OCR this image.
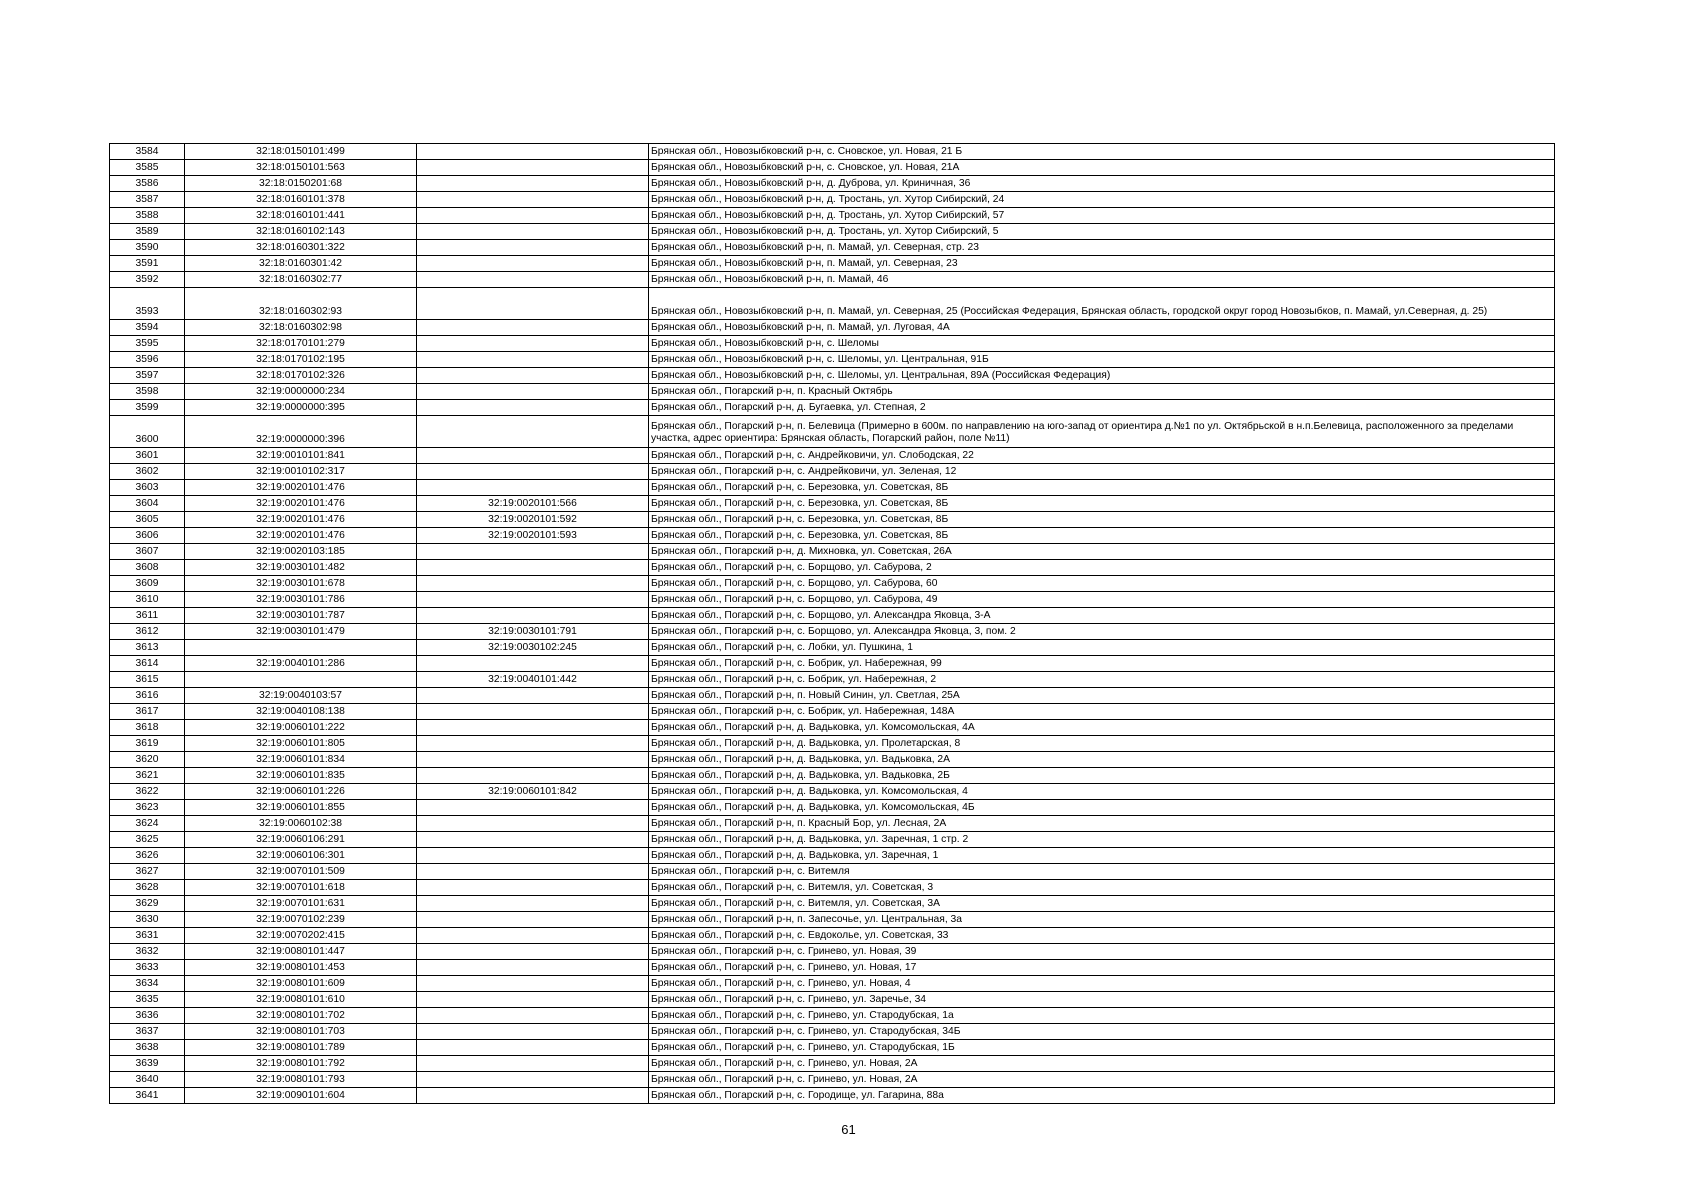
3584	32:18:0150101:499		Брянская обл., Новозыбковский р-н, с. Сновское, ул. Новая, 21 Б
3585	32:18:0150101:563		Брянская обл., Новозыбковский р-н, с. Сновское, ул. Новая, 21А
3586	32:18:0150201:68		Брянская обл., Новозыбковский р-н, д. Дуброва, ул. Криничная, 36
3587	32:18:0160101:378		Брянская обл., Новозыбковский р-н, д. Тростань, ул. Хутор Сибирский, 24
3588	32:18:0160101:441		Брянская обл., Новозыбковский р-н, д. Тростань, ул. Хутор Сибирский, 57
3589	32:18:0160102:143		Брянская обл., Новозыбковский р-н, д. Тростань, ул. Хутор Сибирский, 5
3590	32:18:0160301:322		Брянская обл., Новозыбковский р-н, п. Мамай, ул. Северная, стр. 23
3591	32:18:0160301:42		Брянская обл., Новозыбковский р-н, п. Мамай, ул. Северная, 23
3592	32:18:0160302:77		Брянская обл., Новозыбковский р-н, п. Мамай, 46
3593	32:18:0160302:93		Брянская обл., Новозыбковский р-н, п. Мамай, ул. Северная, 25 (Российская Федерация, Брянская область, городской округ город Новозыбков, п. Мамай, ул.Северная, д. 25)
3594	32:18:0160302:98		Брянская обл., Новозыбковский р-н, п. Мамай, ул. Луговая, 4А
3595	32:18:0170101:279		Брянская обл., Новозыбковский р-н, с. Шеломы
3596	32:18:0170102:195		Брянская обл., Новозыбковский р-н, с. Шеломы, ул. Центральная, 91Б
3597	32:18:0170102:326		Брянская обл., Новозыбковский р-н, с. Шеломы, ул. Центральная, 89А (Российская Федерация)
3598	32:19:0000000:234		Брянская обл., Погарский р-н, п. Красный Октябрь
3599	32:19:0000000:395		Брянская обл., Погарский р-н, д. Бугаевка, ул. Степная, 2
3600	32:19:0000000:396		Брянская обл., Погарский р-н, п. Белевица (Примерно в 600м. по направлению на юго-запад от ориентира д.№1 по ул. Октябрьской в н.п.Белевица, расположенного за пределами участка, адрес ориентира: Брянская область, Погарский район, поле №11)
3601	32:19:0010101:841		Брянская обл., Погарский р-н, с. Андрейковичи, ул. Слободская, 22
3602	32:19:0010102:317		Брянская обл., Погарский р-н, с. Андрейковичи, ул. Зеленая, 12
3603	32:19:0020101:476		Брянская обл., Погарский р-н, с. Березовка, ул. Советская, 8Б
3604	32:19:0020101:476	32:19:0020101:566	Брянская обл., Погарский р-н, с. Березовка, ул. Советская, 8Б
3605	32:19:0020101:476	32:19:0020101:592	Брянская обл., Погарский р-н, с. Березовка, ул. Советская, 8Б
3606	32:19:0020101:476	32:19:0020101:593	Брянская обл., Погарский р-н, с. Березовка, ул. Советская, 8Б
3607	32:19:0020103:185		Брянская обл., Погарский р-н, д. Михновка, ул. Советская, 26А
3608	32:19:0030101:482		Брянская обл., Погарский р-н, с. Борщово, ул. Сабурова, 2
3609	32:19:0030101:678		Брянская обл., Погарский р-н, с. Борщово, ул. Сабурова, 60
3610	32:19:0030101:786		Брянская обл., Погарский р-н, с. Борщово, ул. Сабурова, 49
3611	32:19:0030101:787		Брянская обл., Погарский р-н, с. Борщово, ул. Александра Яковца, 3-А
3612	32:19:0030101:479	32:19:0030101:791	Брянская обл., Погарский р-н, с. Борщово, ул. Александра Яковца, 3, пом. 2
3613		32:19:0030102:245	Брянская обл., Погарский р-н, с. Лобки, ул. Пушкина, 1
3614	32:19:0040101:286		Брянская обл., Погарский р-н, с. Бобрик, ул. Набережная, 99
3615		32:19:0040101:442	Брянская обл., Погарский р-н, с. Бобрик, ул. Набережная, 2
3616	32:19:0040103:57		Брянская обл., Погарский р-н, п. Новый Синин, ул. Светлая, 25А
3617	32:19:0040108:138		Брянская обл., Погарский р-н, с. Бобрик, ул. Набережная, 148А
3618	32:19:0060101:222		Брянская обл., Погарский р-н, д. Вадьковка, ул. Комсомольская, 4А
3619	32:19:0060101:805		Брянская обл., Погарский р-н, д. Вадьковка, ул. Пролетарская, 8
3620	32:19:0060101:834		Брянская обл., Погарский р-н, д. Вадьковка, ул. Вадьковка, 2А
3621	32:19:0060101:835		Брянская обл., Погарский р-н, д. Вадьковка, ул. Вадьковка, 2Б
3622	32:19:0060101:226	32:19:0060101:842	Брянская обл., Погарский р-н, д. Вадьковка, ул. Комсомольская, 4
3623	32:19:0060101:855		Брянская обл., Погарский р-н, д. Вадьковка, ул. Комсомольская, 4Б
3624	32:19:0060102:38		Брянская обл., Погарский р-н, п. Красный Бор, ул. Лесная, 2А
3625	32:19:0060106:291		Брянская обл., Погарский р-н, д. Вадьковка, ул. Заречная, 1 стр. 2
3626	32:19:0060106:301		Брянская обл., Погарский р-н, д. Вадьковка, ул. Заречная, 1
3627	32:19:0070101:509		Брянская обл., Погарский р-н, с. Витемля
3628	32:19:0070101:618		Брянская обл., Погарский р-н, с. Витемля, ул. Советская, 3
3629	32:19:0070101:631		Брянская обл., Погарский р-н, с. Витемля, ул. Советская, 3А
3630	32:19:0070102:239		Брянская обл., Погарский р-н, п. Запесочье, ул. Центральная, 3а
3631	32:19:0070202:415		Брянская обл., Погарский р-н, с. Евдоколье, ул. Советская, 33
3632	32:19:0080101:447		Брянская обл., Погарский р-н, с. Гринево, ул. Новая, 39
3633	32:19:0080101:453		Брянская обл., Погарский р-н, с. Гринево, ул. Новая, 17
3634	32:19:0080101:609		Брянская обл., Погарский р-н, с. Гринево, ул. Новая, 4
3635	32:19:0080101:610		Брянская обл., Погарский р-н, с. Гринево, ул. Заречье, 34
3636	32:19:0080101:702		Брянская обл., Погарский р-н, с. Гринево, ул. Стародубская, 1а
3637	32:19:0080101:703		Брянская обл., Погарский р-н, с. Гринево, ул. Стародубская, 34Б
3638	32:19:0080101:789		Брянская обл., Погарский р-н, с. Гринево, ул. Стародубская, 1Б
3639	32:19:0080101:792		Брянская обл., Погарский р-н, с. Гринево, ул. Новая, 2А
3640	32:19:0080101:793		Брянская обл., Погарский р-н, с. Гринево, ул. Новая, 2А
3641	32:19:0090101:604		Брянская обл., Погарский р-н, с. Городище, ул. Гагарина, 88а
61
